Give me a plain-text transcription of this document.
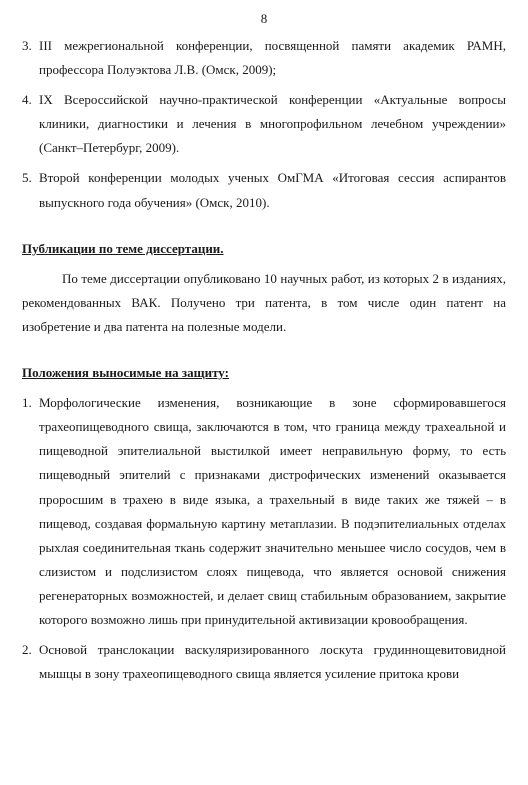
8
3. III межрегиональной конференции, посвященной памяти академик РАМН, профессора Полуэктова Л.В. (Омск, 2009);
4. IX Всероссийской научно-практической конференции «Актуальные вопросы клиники, диагностики и лечения в многопрофильном лечебном учреждении» (Санкт–Петербург, 2009).
5. Второй конференции молодых ученых ОмГМА «Итоговая сессия аспирантов выпускного года обучения» (Омск, 2010).

Публикации по теме диссертации.

По теме диссертации опубликовано 10 научных работ, из которых 2 в изданиях, рекомендованных ВАК. Получено три патента, в том числе один патент на изобретение и два патента на полезные модели.

Положения выносимые на защиту:

1. Морфологические изменения, возникающие в зоне сформировавшегося трахеопищеводного свища, заключаются в том, что граница между трахеальной и пищеводной эпителиальной выстилкой имеет неправильную форму, то есть пищеводный эпителий с признаками дистрофических изменений оказывается проросшим в трахею в виде языка, а трахельный в виде таких же тяжей – в пищевод, создавая формальную картину метаплазии. В подэпителиальных отделах рыхлая соединительная ткань содержит значительно меньшее число сосудов, чем в слизистом и подслизистом слоях пищевода, что является основой снижения регенераторных возможностей, и делает свищ стабильным образованием, закрытие которого возможно лишь при принудительной активизации кровообращения.
2. Основой транслокации васкуляризированного лоскута грудиннощевитовидной мышцы в зону трахеопищеводного свища является усиление притока крови
